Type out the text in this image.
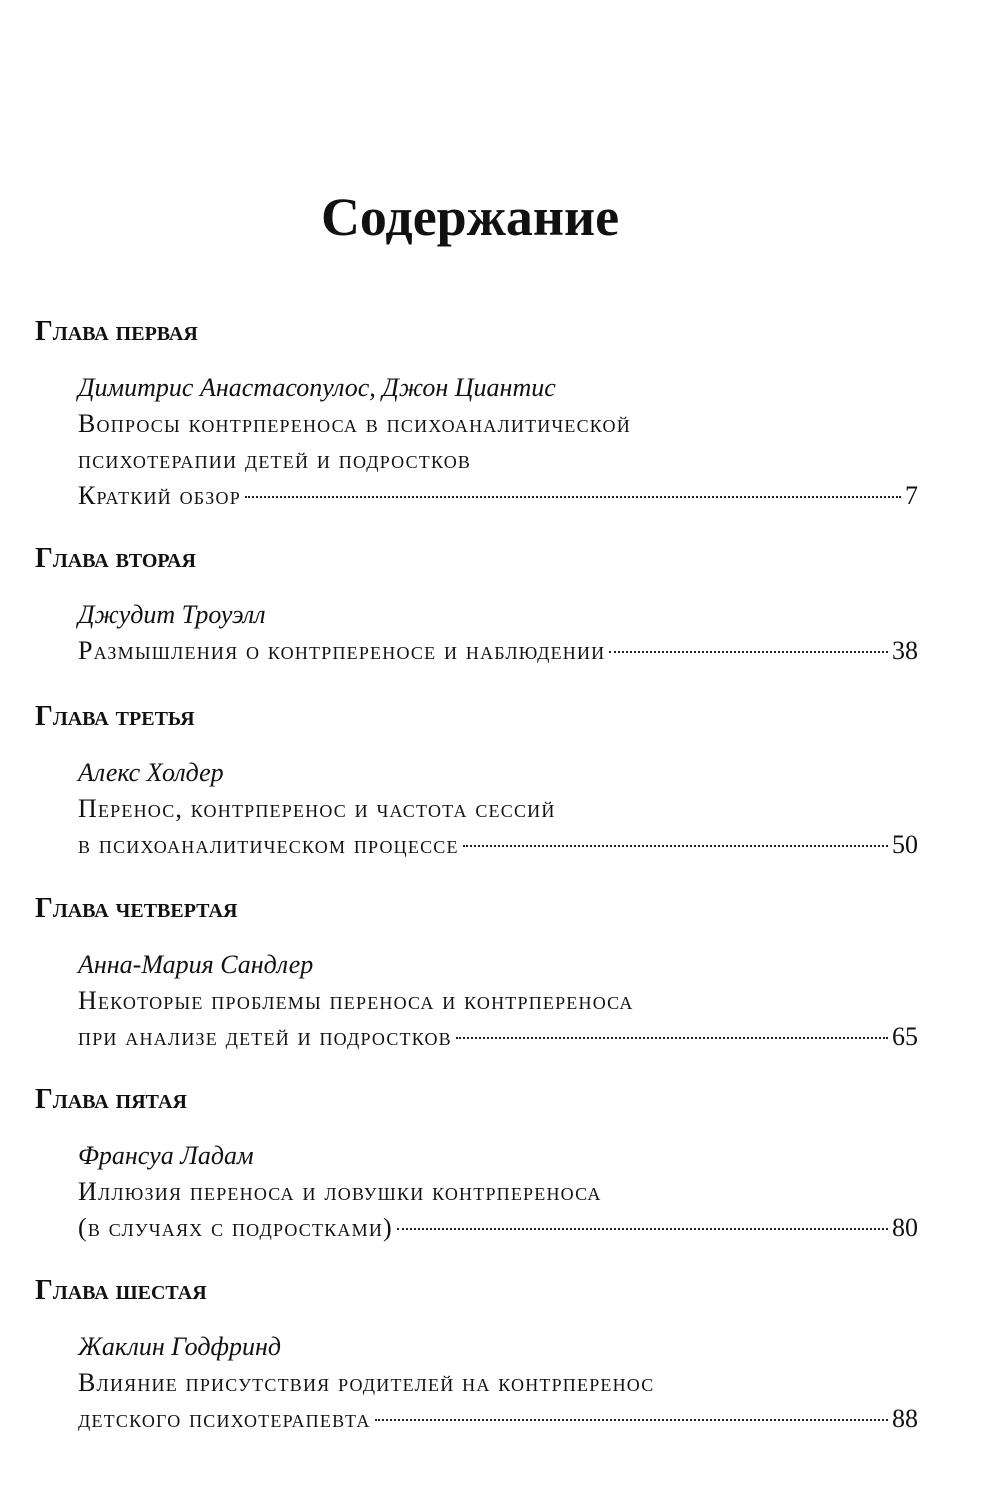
Содержание
Глава первая
Димитрис Анастасопулос, Джон Циантис
Вопросы контрпереноса в психоаналитической
психотерапии детей и подростков
Краткий обзор	7
Глава вторая
Джудит Троуэлл
Размышления о контрпереносе и наблюдении	38
Глава третья
Алекс Холдер
Перенос, контрперенос и частота сессий
в психоаналитическом процессе	50
Глава четвертая
Анна-Мария Сандлер
Некоторые проблемы переноса и контрпереноса
при анализе детей и подростков	65
Глава пятая
Франсуа Ладам
Иллюзия переноса и ловушки контрпереноса
(в случаях с подростками)	80
Глава шестая
Жаклин Годфринд
Влияние присутствия родителей на контрперенос
детского психотерапевта	88
